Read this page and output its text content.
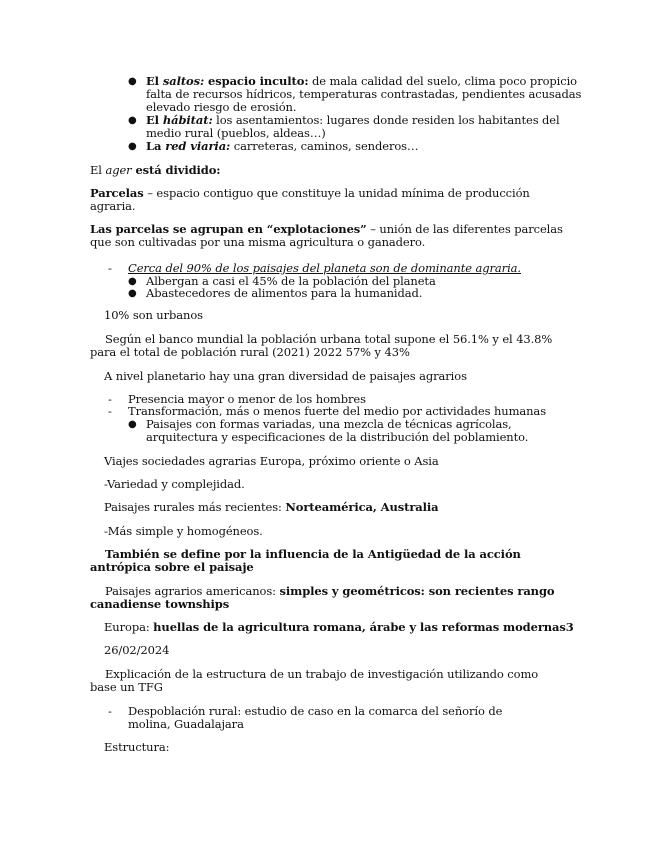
● El saltos: espacio inculto: de mala calidad del suelo, clima poco propicio falta de recursos hídricos, temperaturas contrastadas, pendientes acusadas elevado riesgo de erosión.
● El hábitat: los asentamientos: lugares donde residen los habitantes del medio rural (pueblos, aldeas…)
● La red viaria: carreteras, caminos, senderos…

El ager está dividido:

Parcelas – espacio contiguo que constituye la unidad mínima de producción agraria.

Las parcelas se agrupan en “explotaciones” – unión de las diferentes parcelas que son cultivadas por una misma agricultura o ganadero.

- Cerca del 90% de los paisajes del planeta son de dominante agraria.
● Albergan a casi el 45% de la población del planeta
● Abastecedores de alimentos para la humanidad.

10% son urbanos

Según el banco mundial la población urbana total supone el 56.1% y el 43.8% para el total de población rural (2021) 2022 57% y 43%

A nivel planetario hay una gran diversidad de paisajes agrarios

- Presencia mayor o menor de los hombres
- Transformación, más o menos fuerte del medio por actividades humanas
● Paisajes con formas variadas, una mezcla de técnicas agrícolas, arquitectura y especificaciones de la distribución del poblamiento.

Viajes sociedades agrarias Europa, próximo oriente o Asia

-Variedad y complejidad.

Paisajes rurales más recientes: Norteamérica, Australia

-Más simple y homogéneos.

También se define por la influencia de la Antigüedad de la acción antrópica sobre el paisaje

Paisajes agrarios americanos: simples y geométricos: son recientes rango canadiense townships

Europa: huellas de la agricultura romana, árabe y las reformas modernas3

26/02/2024

Explicación de la estructura de un trabajo de investigación utilizando como base un TFG

- Despoblación rural: estudio de caso en la comarca del señorío de molina, Guadalajara

Estructura:
